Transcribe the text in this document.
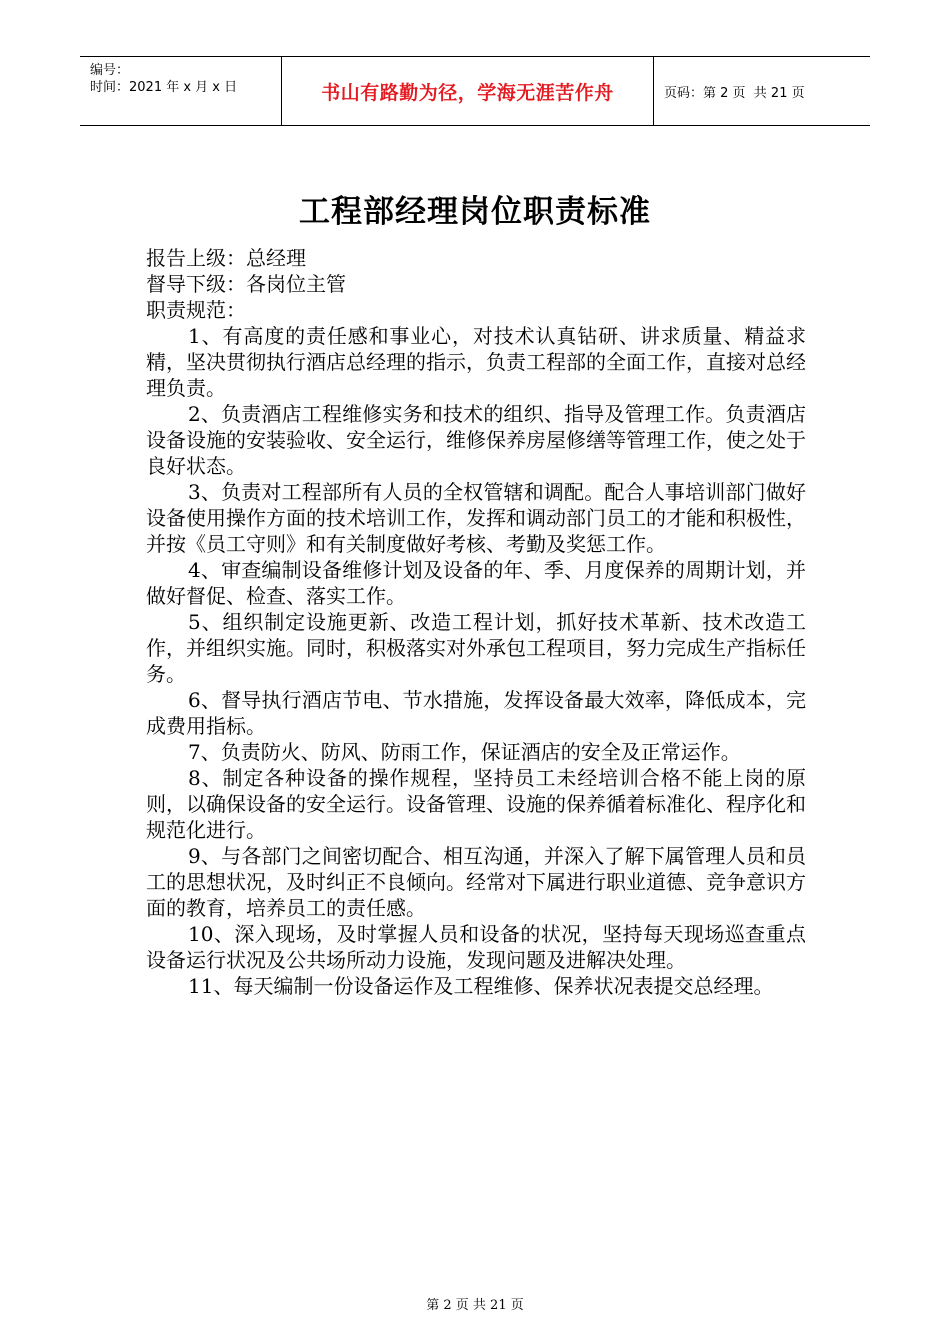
编号：
时间：2021 年 x 月 x 日	书山有路勤为径，学海无涯苦作舟	页码：第 2 页  共 21 页
工程部经理岗位职责标准

报告上级：总经理

督导下级：各岗位主管

职责规范：

1、有高度的责任感和事业心，对技术认真钻研、讲求质量、精益求精，坚决贯彻执行酒店总经理的指示，负责工程部的全面工作，直接对总经理负责。

2、负责酒店工程维修实务和技术的组织、指导及管理工作。负责酒店设备设施的安装验收、安全运行，维修保养房屋修缮等管理工作，使之处于良好状态。

3、负责对工程部所有人员的全权管辖和调配。配合人事培训部门做好设备使用操作方面的技术培训工作，发挥和调动部门员工的才能和积极性，并按《员工守则》和有关制度做好考核、考勤及奖惩工作。

4、审查编制设备维修计划及设备的年、季、月度保养的周期计划，并做好督促、检查、落实工作。

5、组织制定设施更新、改造工程计划，抓好技术革新、技术改造工作，并组织实施。同时，积极落实对外承包工程项目，努力完成生产指标任务。

6、督导执行酒店节电、节水措施，发挥设备最大效率，降低成本，完成费用指标。

7、负责防火、防风、防雨工作，保证酒店的安全及正常运作。

8、制定各种设备的操作规程，坚持员工未经培训合格不能上岗的原则，以确保设备的安全运行。设备管理、设施的保养循着标准化、程序化和规范化进行。

9、与各部门之间密切配合、相互沟通，并深入了解下属管理人员和员工的思想状况，及时纠正不良倾向。经常对下属进行职业道德、竞争意识方面的教育，培养员工的责任感。

10、深入现场，及时掌握人员和设备的状况，坚持每天现场巡查重点设备运行状况及公共场所动力设施，发现问题及进解决处理。

11、每天编制一份设备运作及工程维修、保养状况表提交总经理。

第 2 页 共 21 页
